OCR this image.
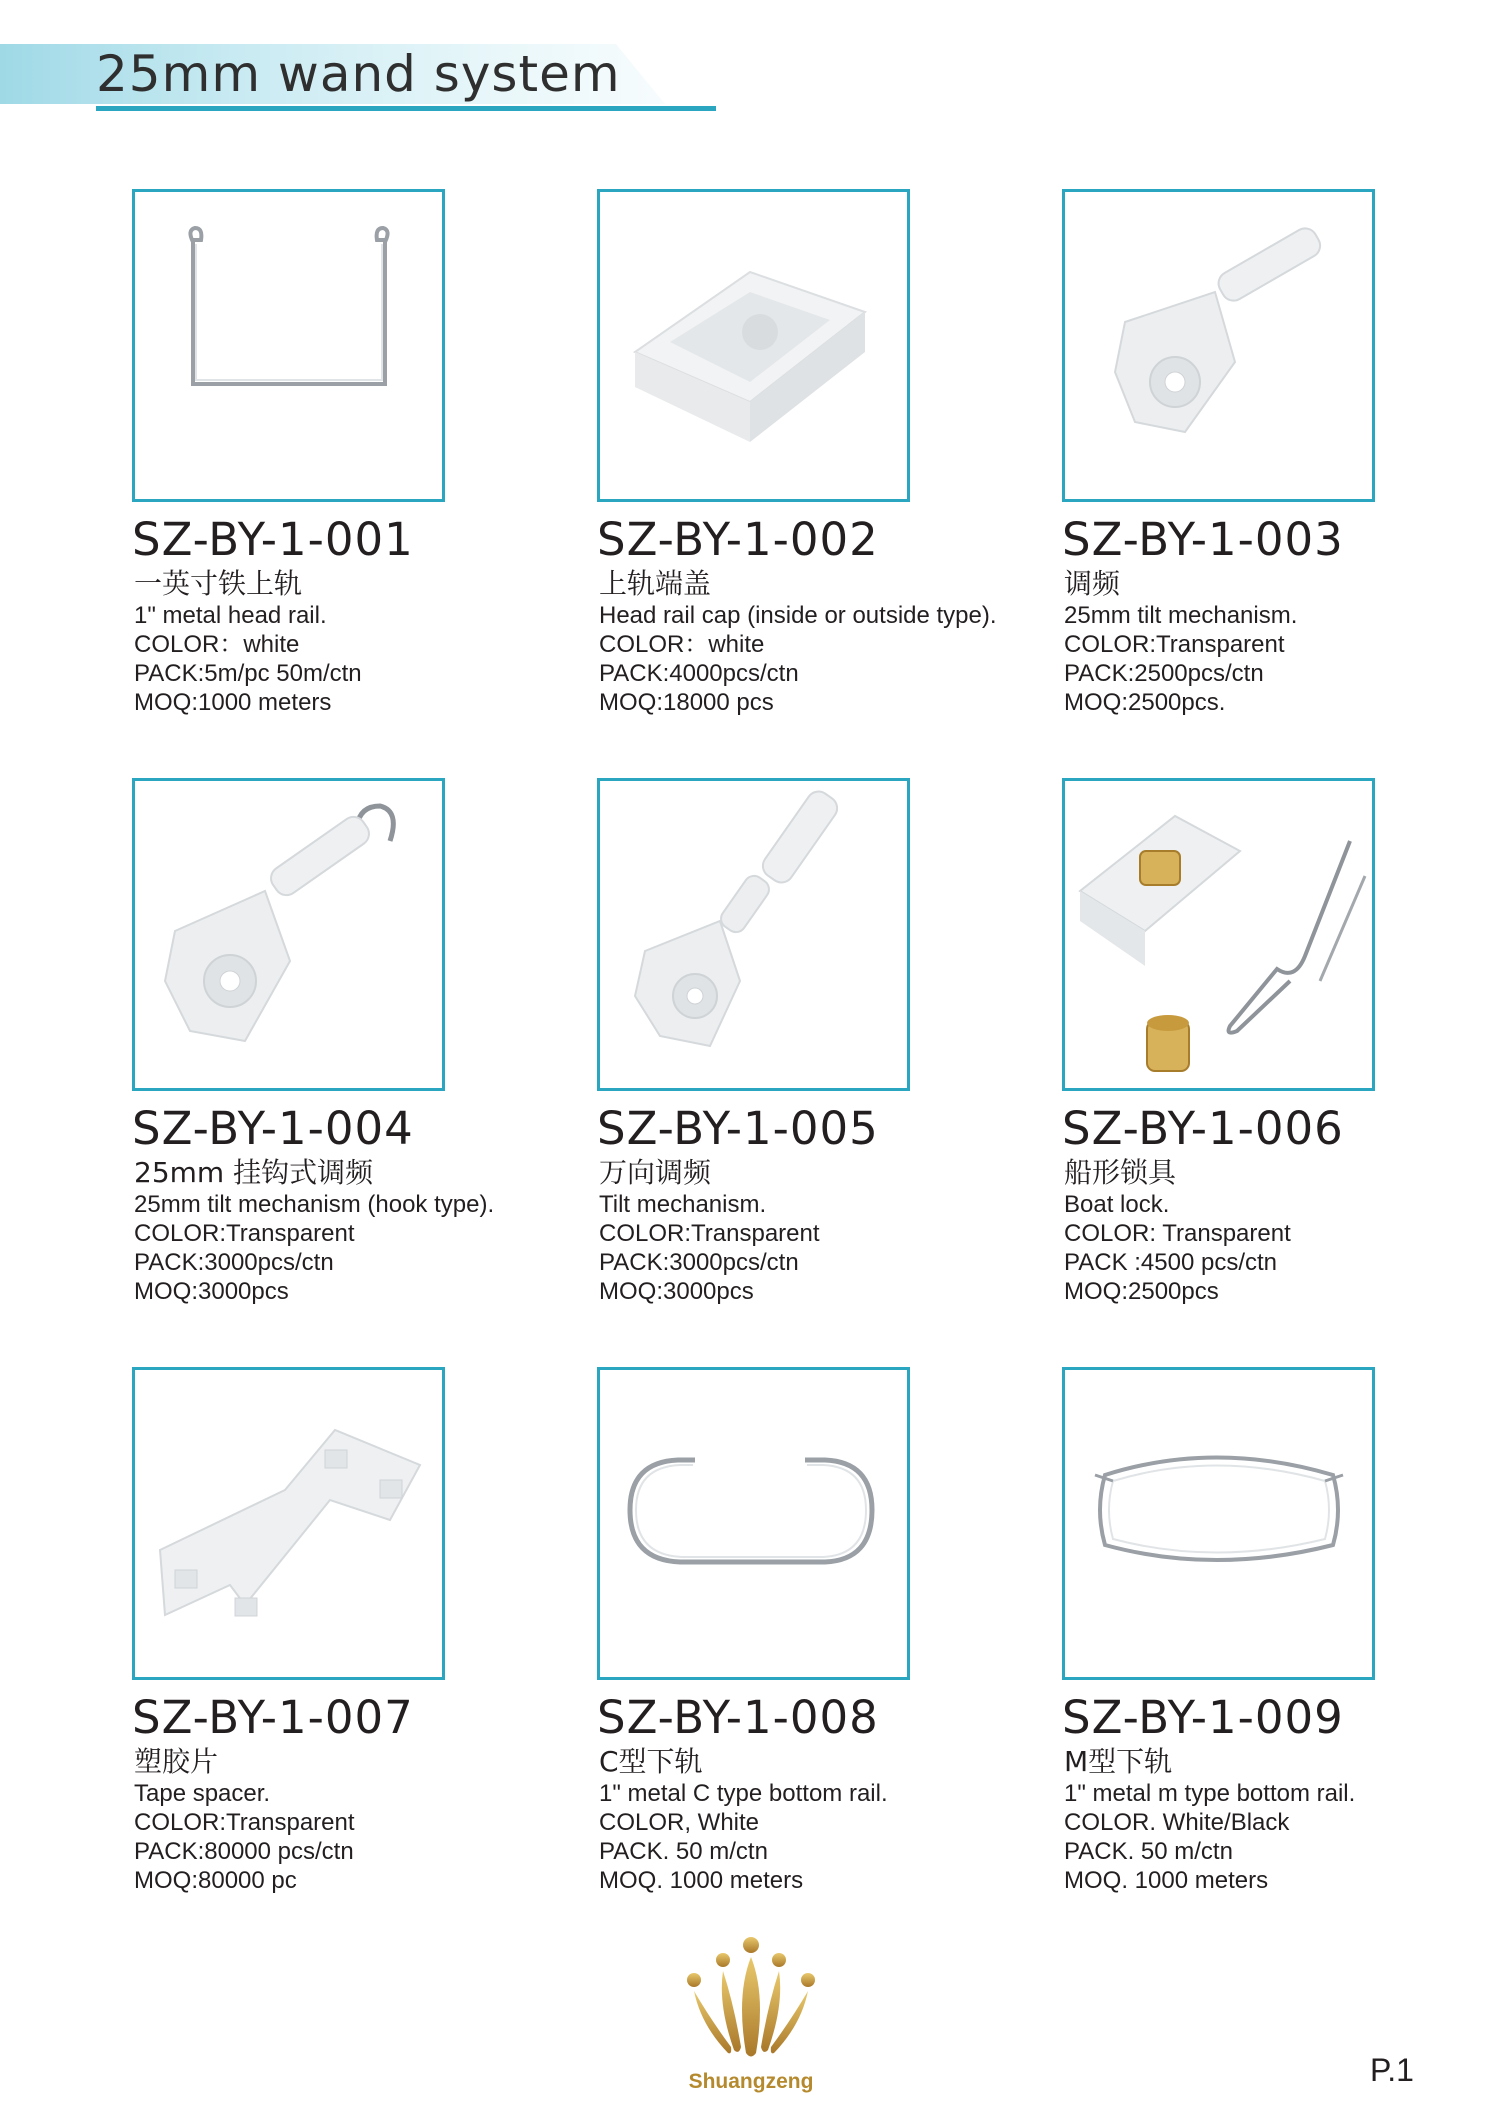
25mm wand system
SZ-BY-1-001
一英寸铁上轨
1" metal head rail.
COLOR：white
PACK:5m/pc 50m/ctn
MOQ:1000 meters
SZ-BY-1-002
上轨端盖
Head rail cap (inside or outside type).
COLOR：white
PACK:4000pcs/ctn
MOQ:18000 pcs
SZ-BY-1-003
调频
25mm tilt mechanism.
COLOR:Transparent
PACK:2500pcs/ctn
MOQ:2500pcs.
SZ-BY-1-004
25mm 挂钩式调频
25mm tilt mechanism (hook type).
COLOR:Transparent
PACK:3000pcs/ctn
MOQ:3000pcs
SZ-BY-1-005
万向调频
Tilt mechanism.
COLOR:Transparent
PACK:3000pcs/ctn
MOQ:3000pcs
SZ-BY-1-006
船形锁具
Boat lock.
COLOR: Transparent
PACK :4500 pcs/ctn
MOQ:2500pcs
SZ-BY-1-007
塑胶片
Tape spacer.
COLOR:Transparent
PACK:80000 pcs/ctn
MOQ:80000 pc
SZ-BY-1-008
C型下轨
1" metal C type bottom rail.
COLOR, White
PACK. 50 m/ctn
MOQ. 1000 meters
SZ-BY-1-009
M型下轨
1" metal m type bottom rail.
COLOR. White/Black
PACK. 50 m/ctn
MOQ. 1000 meters
Shuangzeng	P.1
